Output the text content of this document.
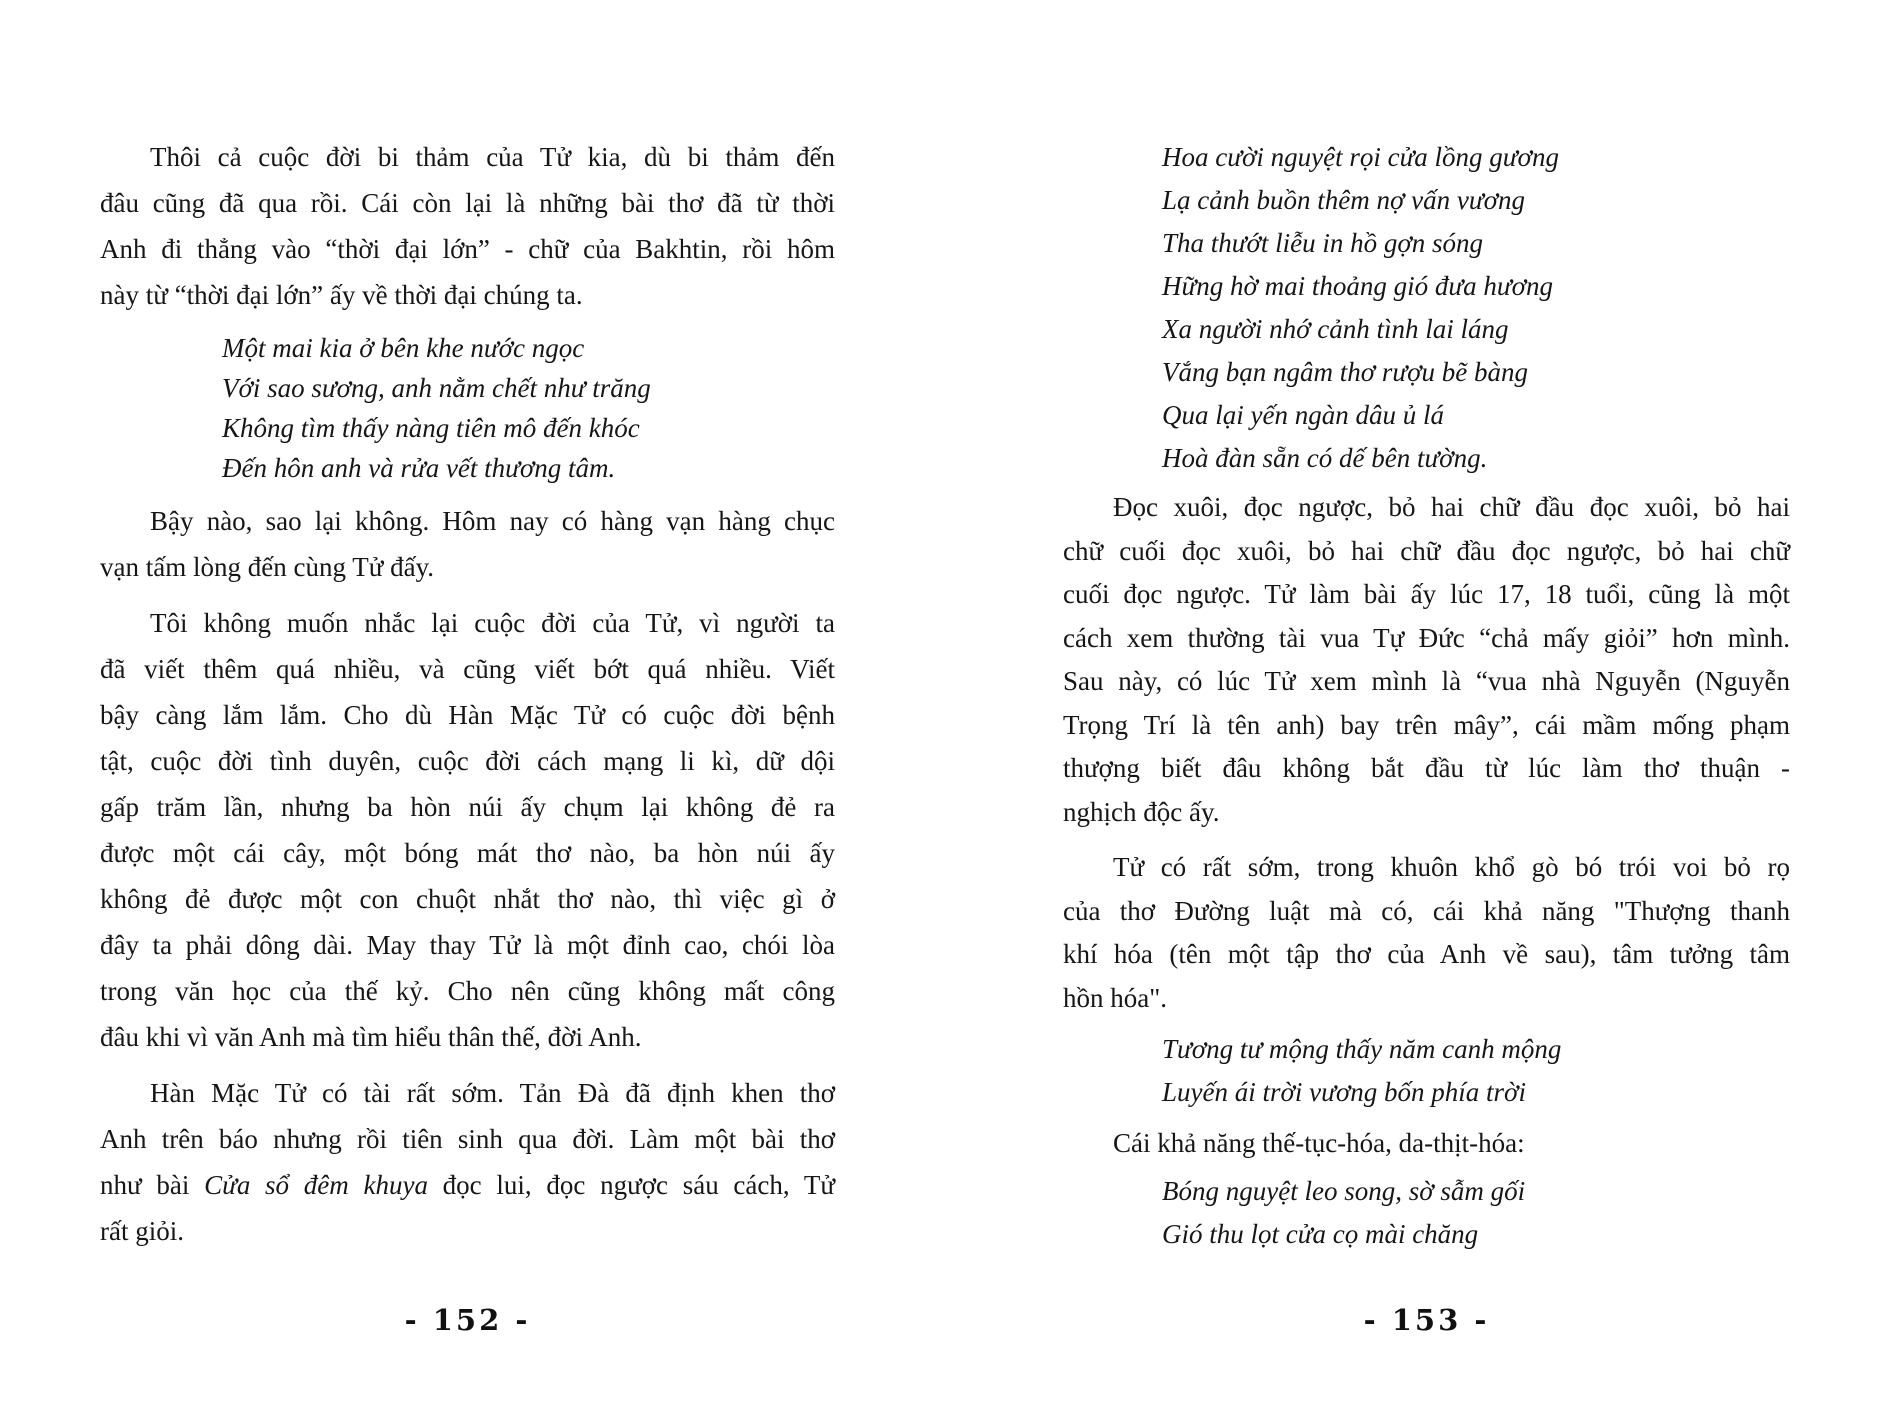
Thôi cả cuộc đời bi thảm của Tử kia, dù bi thảm đến
đâu cũng đã qua rồi. Cái còn lại là những bài thơ đã từ thời
Anh đi thẳng vào “thời đại lớn” - chữ của Bakhtin, rồi hôm
này từ “thời đại lớn” ấy về thời đại chúng ta.
Một mai kia ở bên khe nước ngọc
Với sao sương, anh nằm chết như trăng
Không tìm thấy nàng tiên mô đến khóc
Đến hôn anh và rửa vết thương tâm.
Bậy nào, sao lại không. Hôm nay có hàng vạn hàng chục
vạn tấm lòng đến cùng Tử đấy.
Tôi không muốn nhắc lại cuộc đời của Tử, vì người ta
đã viết thêm quá nhiều, và cũng viết bớt quá nhiều. Viết
bậy càng lắm lắm. Cho dù Hàn Mặc Tử có cuộc đời bệnh
tật, cuộc đời tình duyên, cuộc đời cách mạng li kì, dữ dội
gấp trăm lần, nhưng ba hòn núi ấy chụm lại không đẻ ra
được một cái cây, một bóng mát thơ nào, ba hòn núi ấy
không đẻ được một con chuột nhắt thơ nào, thì việc gì ở
đây ta phải dông dài. May thay Tử là một đỉnh cao, chói lòa
trong văn học của thế kỷ. Cho nên cũng không mất công
đâu khi vì văn Anh mà tìm hiểu thân thế, đời Anh.
Hàn Mặc Tử có tài rất sớm. Tản Đà đã định khen thơ
Anh trên báo nhưng rồi tiên sinh qua đời. Làm một bài thơ
như bài Cửa sổ đêm khuya đọc lui, đọc ngược sáu cách, Tử
rất giỏi.
- 152 -
Hoa cười nguyệt rọi cửa lồng gương
Lạ cảnh buồn thêm nợ vấn vương
Tha thướt liễu in hồ gợn sóng
Hững hờ mai thoảng gió đưa hương
Xa người nhớ cảnh tình lai láng
Vắng bạn ngâm thơ rượu bẽ bàng
Qua lại yến ngàn dâu ủ lá
Hoà đàn sẵn có dế bên tường.
Đọc xuôi, đọc ngược, bỏ hai chữ đầu đọc xuôi, bỏ hai
chữ cuối đọc xuôi, bỏ hai chữ đầu đọc ngược, bỏ hai chữ
cuối đọc ngược. Tử làm bài ấy lúc 17, 18 tuổi, cũng là một
cách xem thường tài vua Tự Đức “chả mấy giỏi” hơn mình.
Sau này, có lúc Tử xem mình là “vua nhà Nguyễn (Nguyễn
Trọng Trí là tên anh) bay trên mây”, cái mầm mống phạm
thượng biết đâu không bắt đầu từ lúc làm thơ thuận -
nghịch độc ấy.
Tử có rất sớm, trong khuôn khổ gò bó trói voi bỏ rọ
của thơ Đường luật mà có, cái khả năng "Thượng thanh
khí hóa (tên một tập thơ của Anh về sau), tâm tưởng tâm
hồn hóa".
Tương tư mộng thấy năm canh mộng
Luyến ái trời vương bốn phía trời
Cái khả năng thế-tục-hóa, da-thịt-hóa:
Bóng nguyệt leo song, sờ sẫm gối
Gió thu lọt cửa cọ mài chăng
- 153 -
